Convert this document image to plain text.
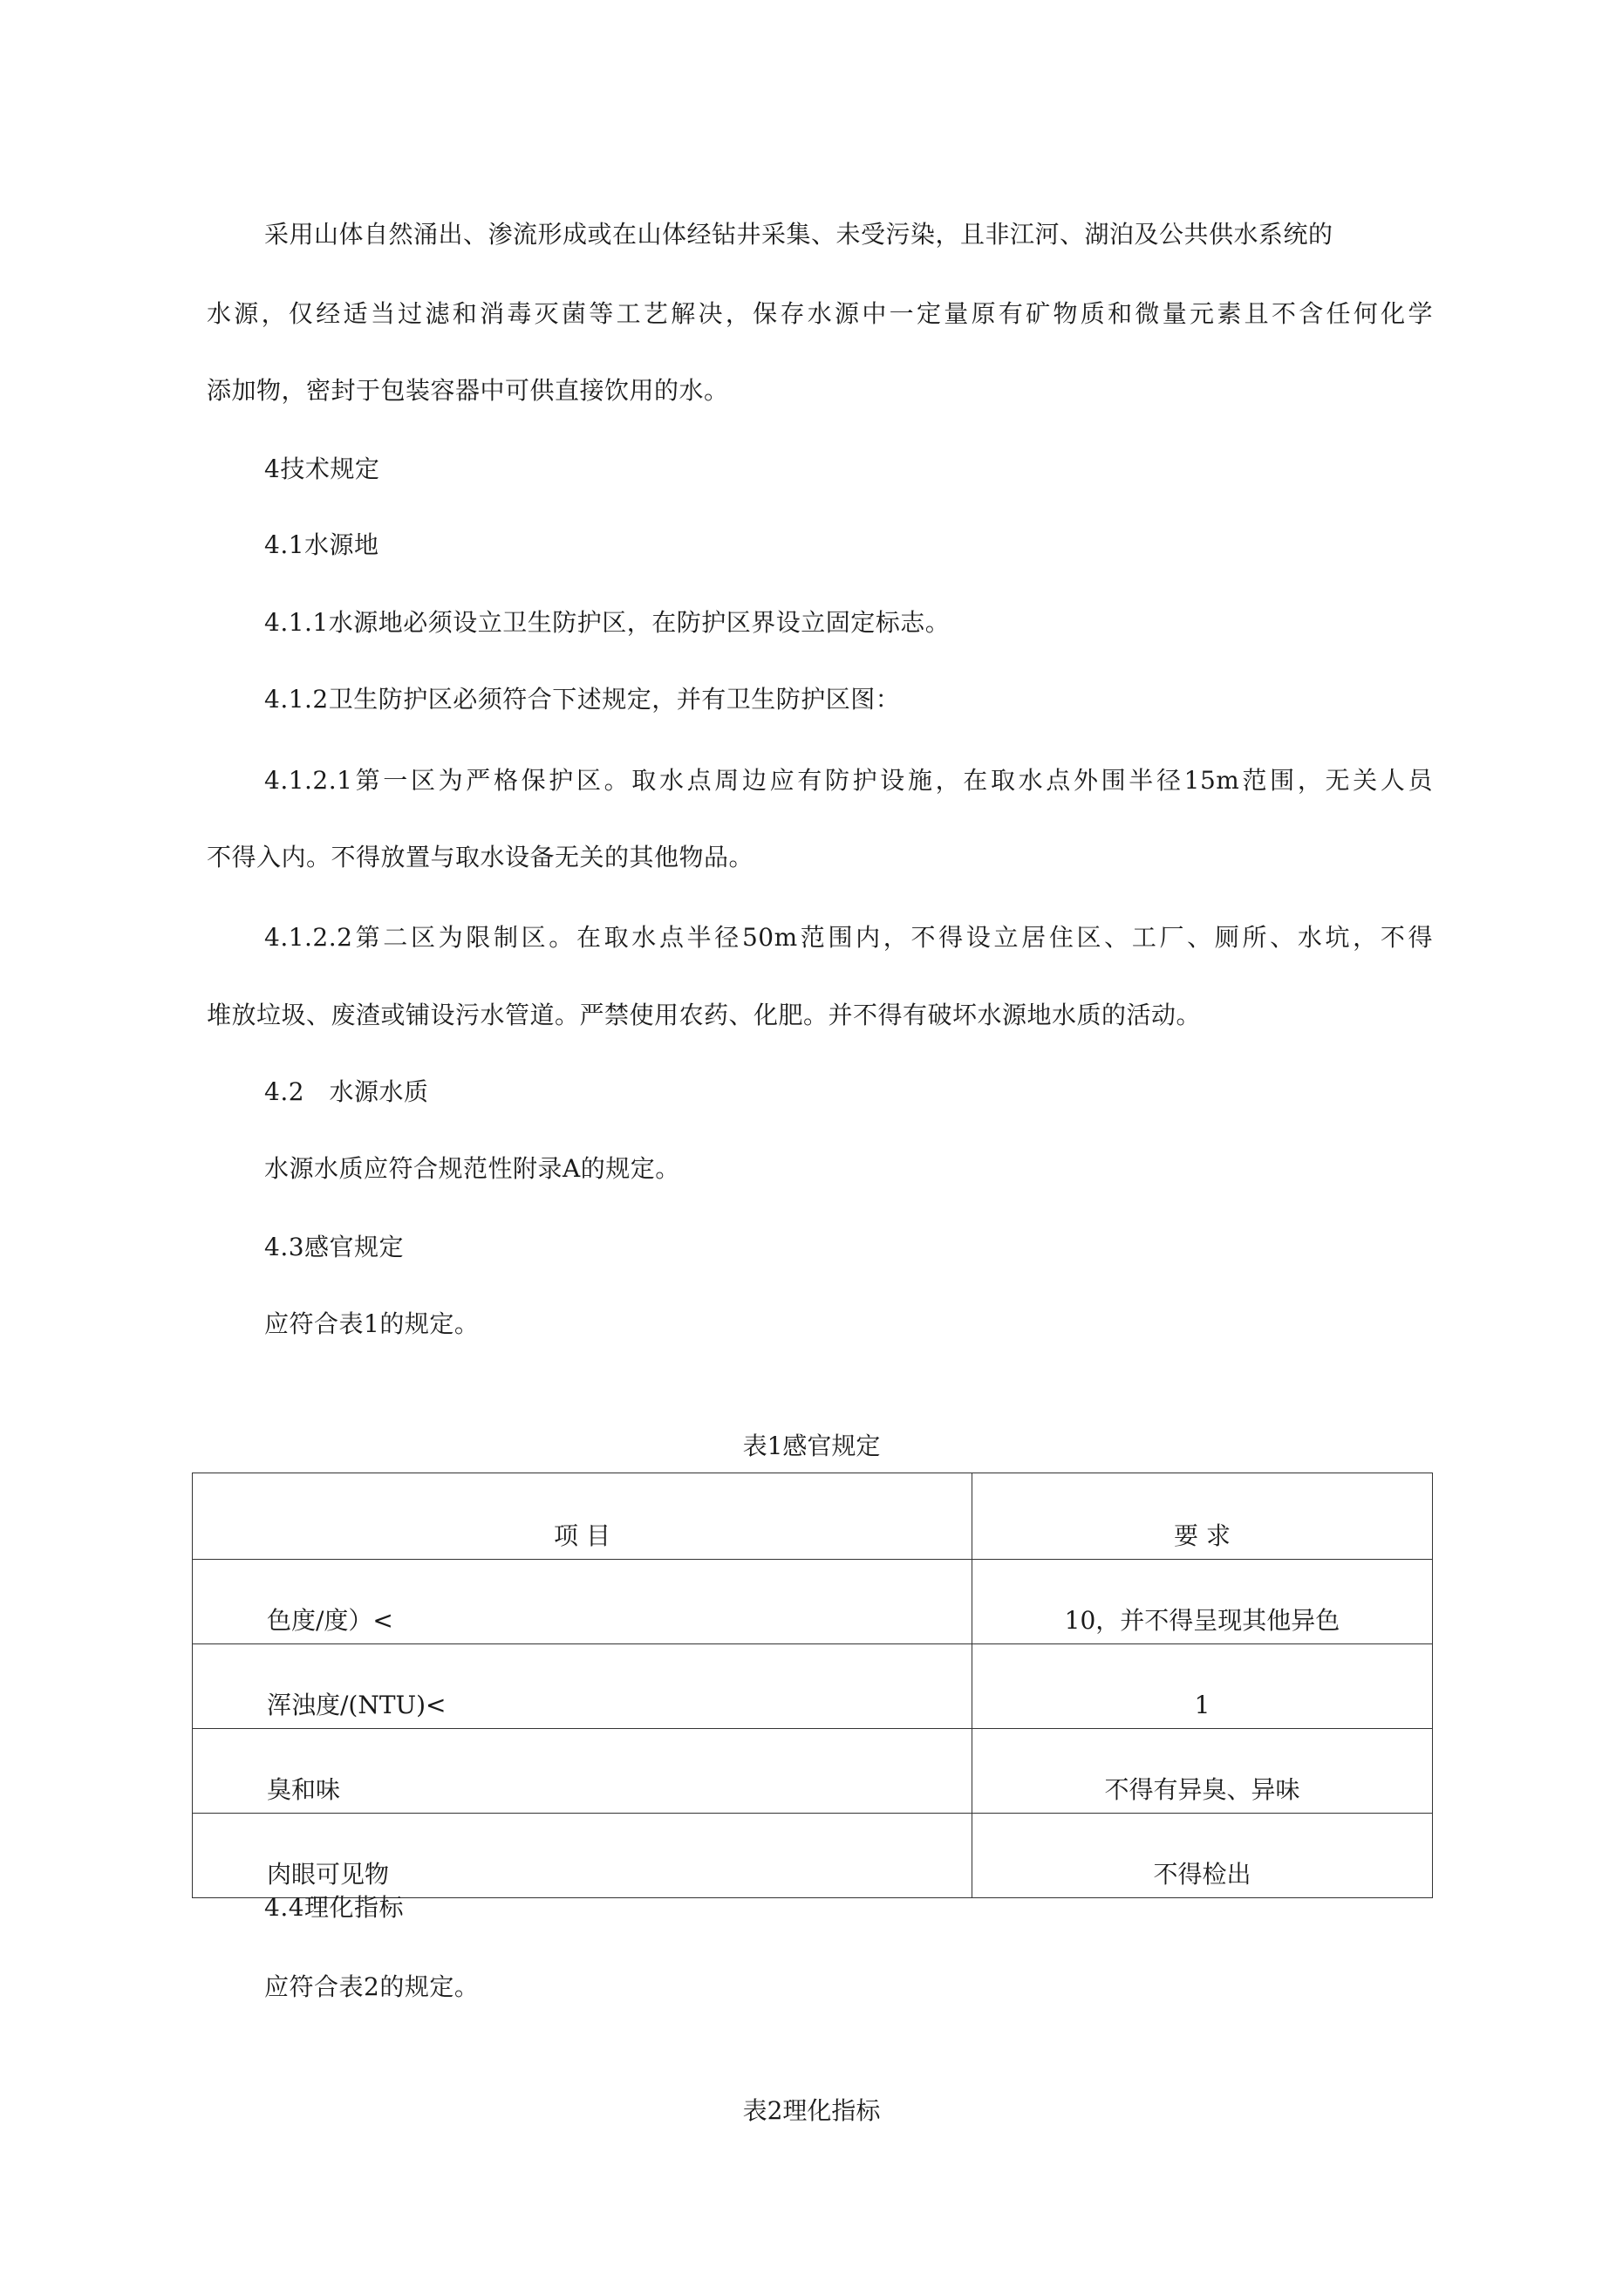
采用山体自然涌出、渗流形成或在山体经钻井采集、未受污染，且非江河、湖泊及公共供水系统的

水源，仅经适当过滤和消毒灭菌等工艺解决，保存水源中一定量原有矿物质和微量元素且不含任何化学

添加物，密封于包装容器中可供直接饮用的水。

4技术规定

4.1水源地

4.1.1水源地必须设立卫生防护区，在防护区界设立固定标志。

4.1.2卫生防护区必须符合下述规定，并有卫生防护区图：

4.1.2.1第一区为严格保护区。取水点周边应有防护设施，在取水点外围半径15m范围，无关人员

不得入内。不得放置与取水设备无关的其他物品。

4.1.2.2第二区为限制区。在取水点半径50m范围内，不得设立居住区、工厂、厕所、水坑，不得

堆放垃圾、废渣或铺设污水管道。严禁使用农药、化肥。并不得有破坏水源地水质的活动。

4.2　水源水质

水源水质应符合规范性附录A的规定。

4.3感官规定

应符合表1的规定。

表1感官规定

项 目	要 求
色度/度）<	10，并不得呈现其他异色
浑浊度/(NTU)<	1
臭和味	不得有异臭、异味
肉眼可见物	不得检出

4.4理化指标

应符合表2的规定。

表2理化指标
